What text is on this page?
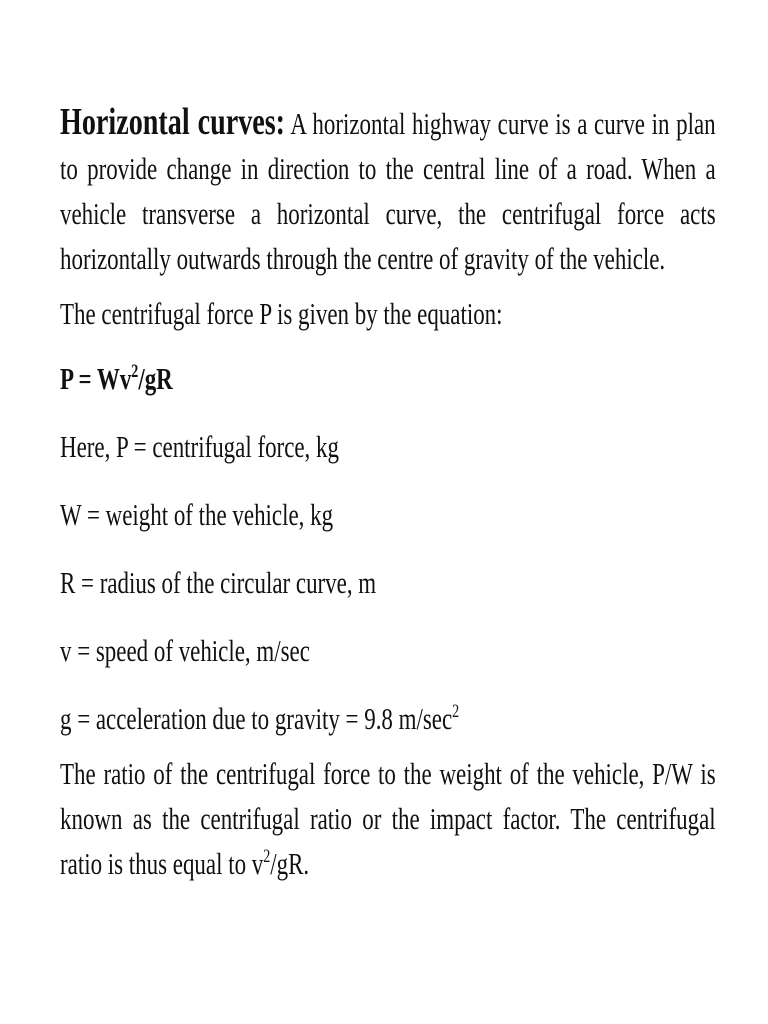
Horizontal curves: A horizontal highway curve is a curve in plan to provide change in direction to the central line of a road. When a vehicle transverse a horizontal curve, the centrifugal force acts horizontally outwards through the centre of gravity of the vehicle.

The centrifugal force P is given by the equation:

$P = Wv^2/gR$

Here, P = centrifugal force, kg

W = weight of the vehicle, kg

R = radius of the circular curve, m

v = speed of vehicle, m/sec

g = acceleration due to gravity = 9.8 $m/\sec^2$

The ratio of the centrifugal force to the weight of the vehicle, P/W is known as the centrifugal ratio or the impact factor. The centrifugal ratio is thus equal to $v^2/gR$.
